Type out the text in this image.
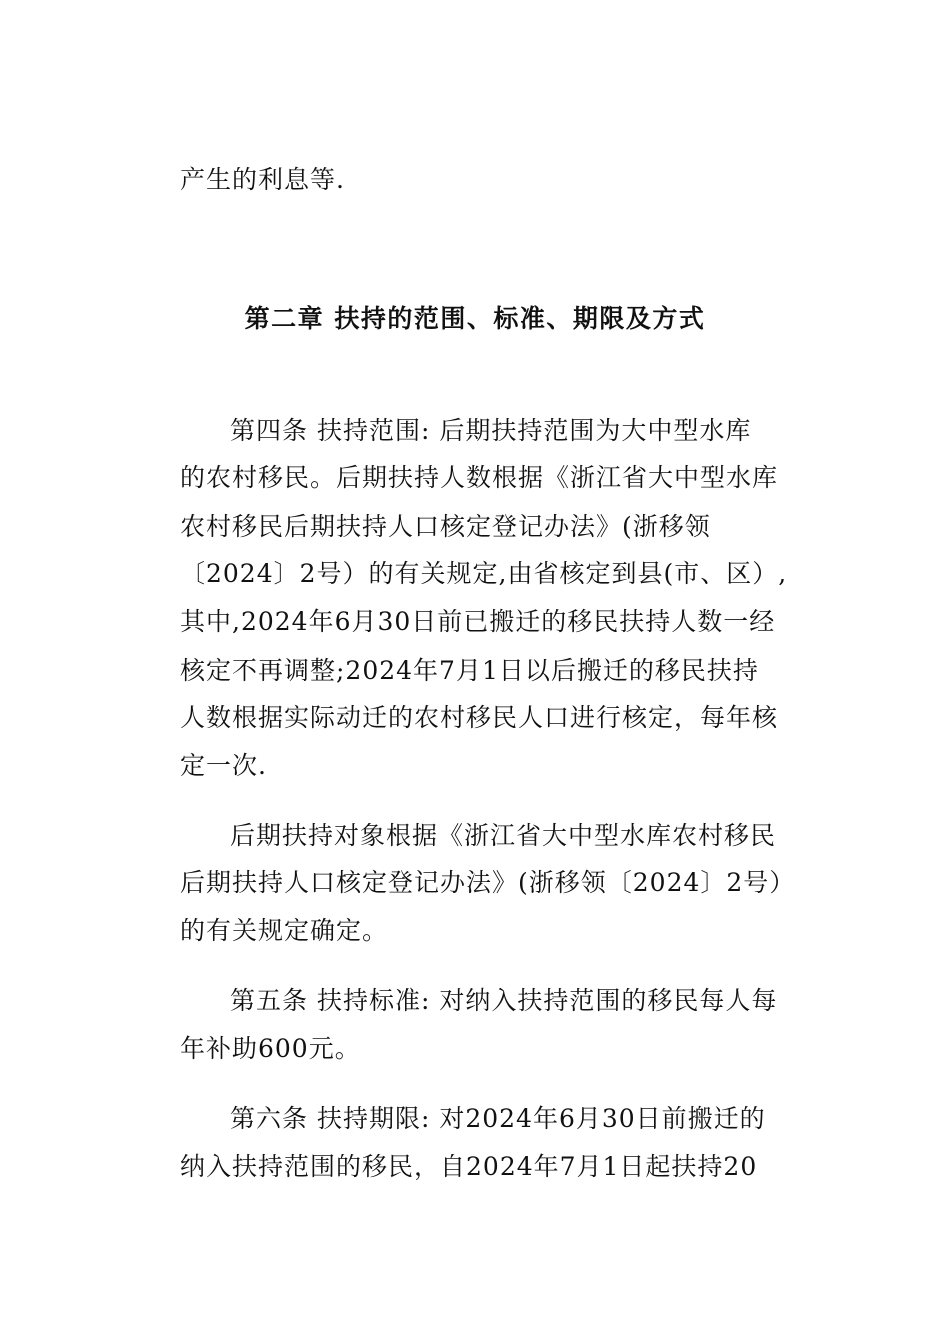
产生的利息等.
第二章 扶持的范围、标准、期限及方式
第四条 扶持范围: 后期扶持范围为大中型水库
的农村移民。后期扶持人数根据《浙江省大中型水库
农村移民后期扶持人口核定登记办法》(浙移领
〔2024〕2号）的有关规定,由省核定到县(市、区）,
其中,2024年6月30日前已搬迁的移民扶持人数一经
核定不再调整;2024年7月1日以后搬迁的移民扶持
人数根据实际动迁的农村移民人口进行核定，每年核
定一次.
后期扶持对象根据《浙江省大中型水库农村移民
后期扶持人口核定登记办法》(浙移领〔2024〕2号）
的有关规定确定。
第五条 扶持标准: 对纳入扶持范围的移民每人每
年补助600元。
第六条 扶持期限: 对2024年6月30日前搬迁的
纳入扶持范围的移民，自2024年7月1日起扶持20
